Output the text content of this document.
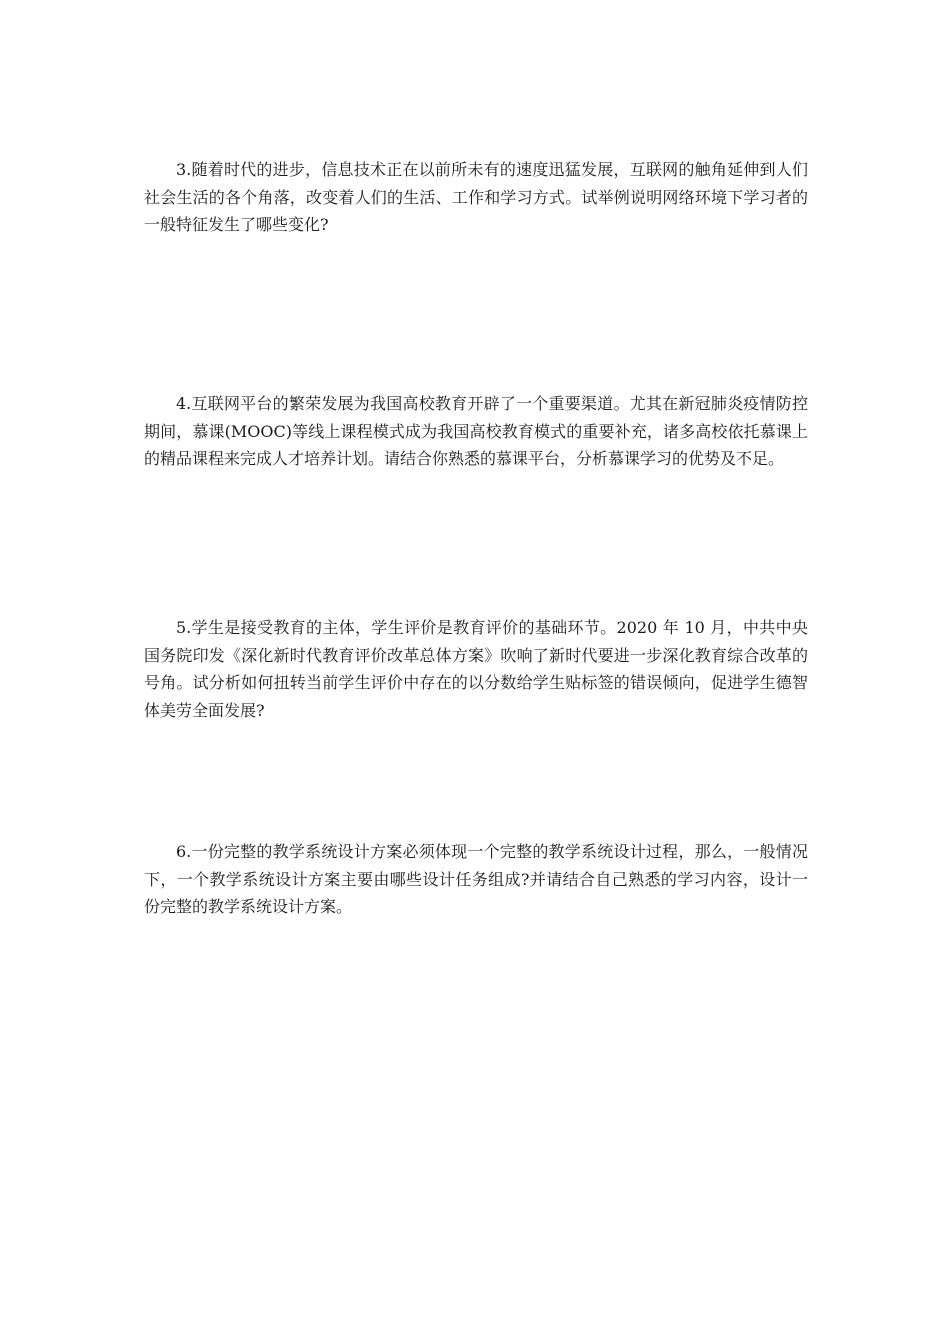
3.随着时代的进步，信息技术正在以前所未有的速度迅猛发展，互联网的触角延伸到人们社会生活的各个角落，改变着人们的生活、工作和学习方式。试举例说明网络环境下学习者的一般特征发生了哪些变化?

4.互联网平台的繁荣发展为我国高校教育开辟了一个重要渠道。尤其在新冠肺炎疫情防控期间，慕课(MOOC)等线上课程模式成为我国高校教育模式的重要补充，诸多高校依托慕课上的精品课程来完成人才培养计划。请结合你熟悉的慕课平台，分析慕课学习的优势及不足。

5.学生是接受教育的主体，学生评价是教育评价的基础环节。2020 年 10 月，中共中央国务院印发《深化新时代教育评价改革总体方案》吹响了新时代要进一步深化教育综合改革的号角。试分析如何扭转当前学生评价中存在的以分数给学生贴标签的错误倾向，促进学生德智体美劳全面发展?

6.一份完整的教学系统设计方案必须体现一个完整的教学系统设计过程，那么，一般情况下，一个教学系统设计方案主要由哪些设计任务组成?并请结合自己熟悉的学习内容，设计一份完整的教学系统设计方案。
